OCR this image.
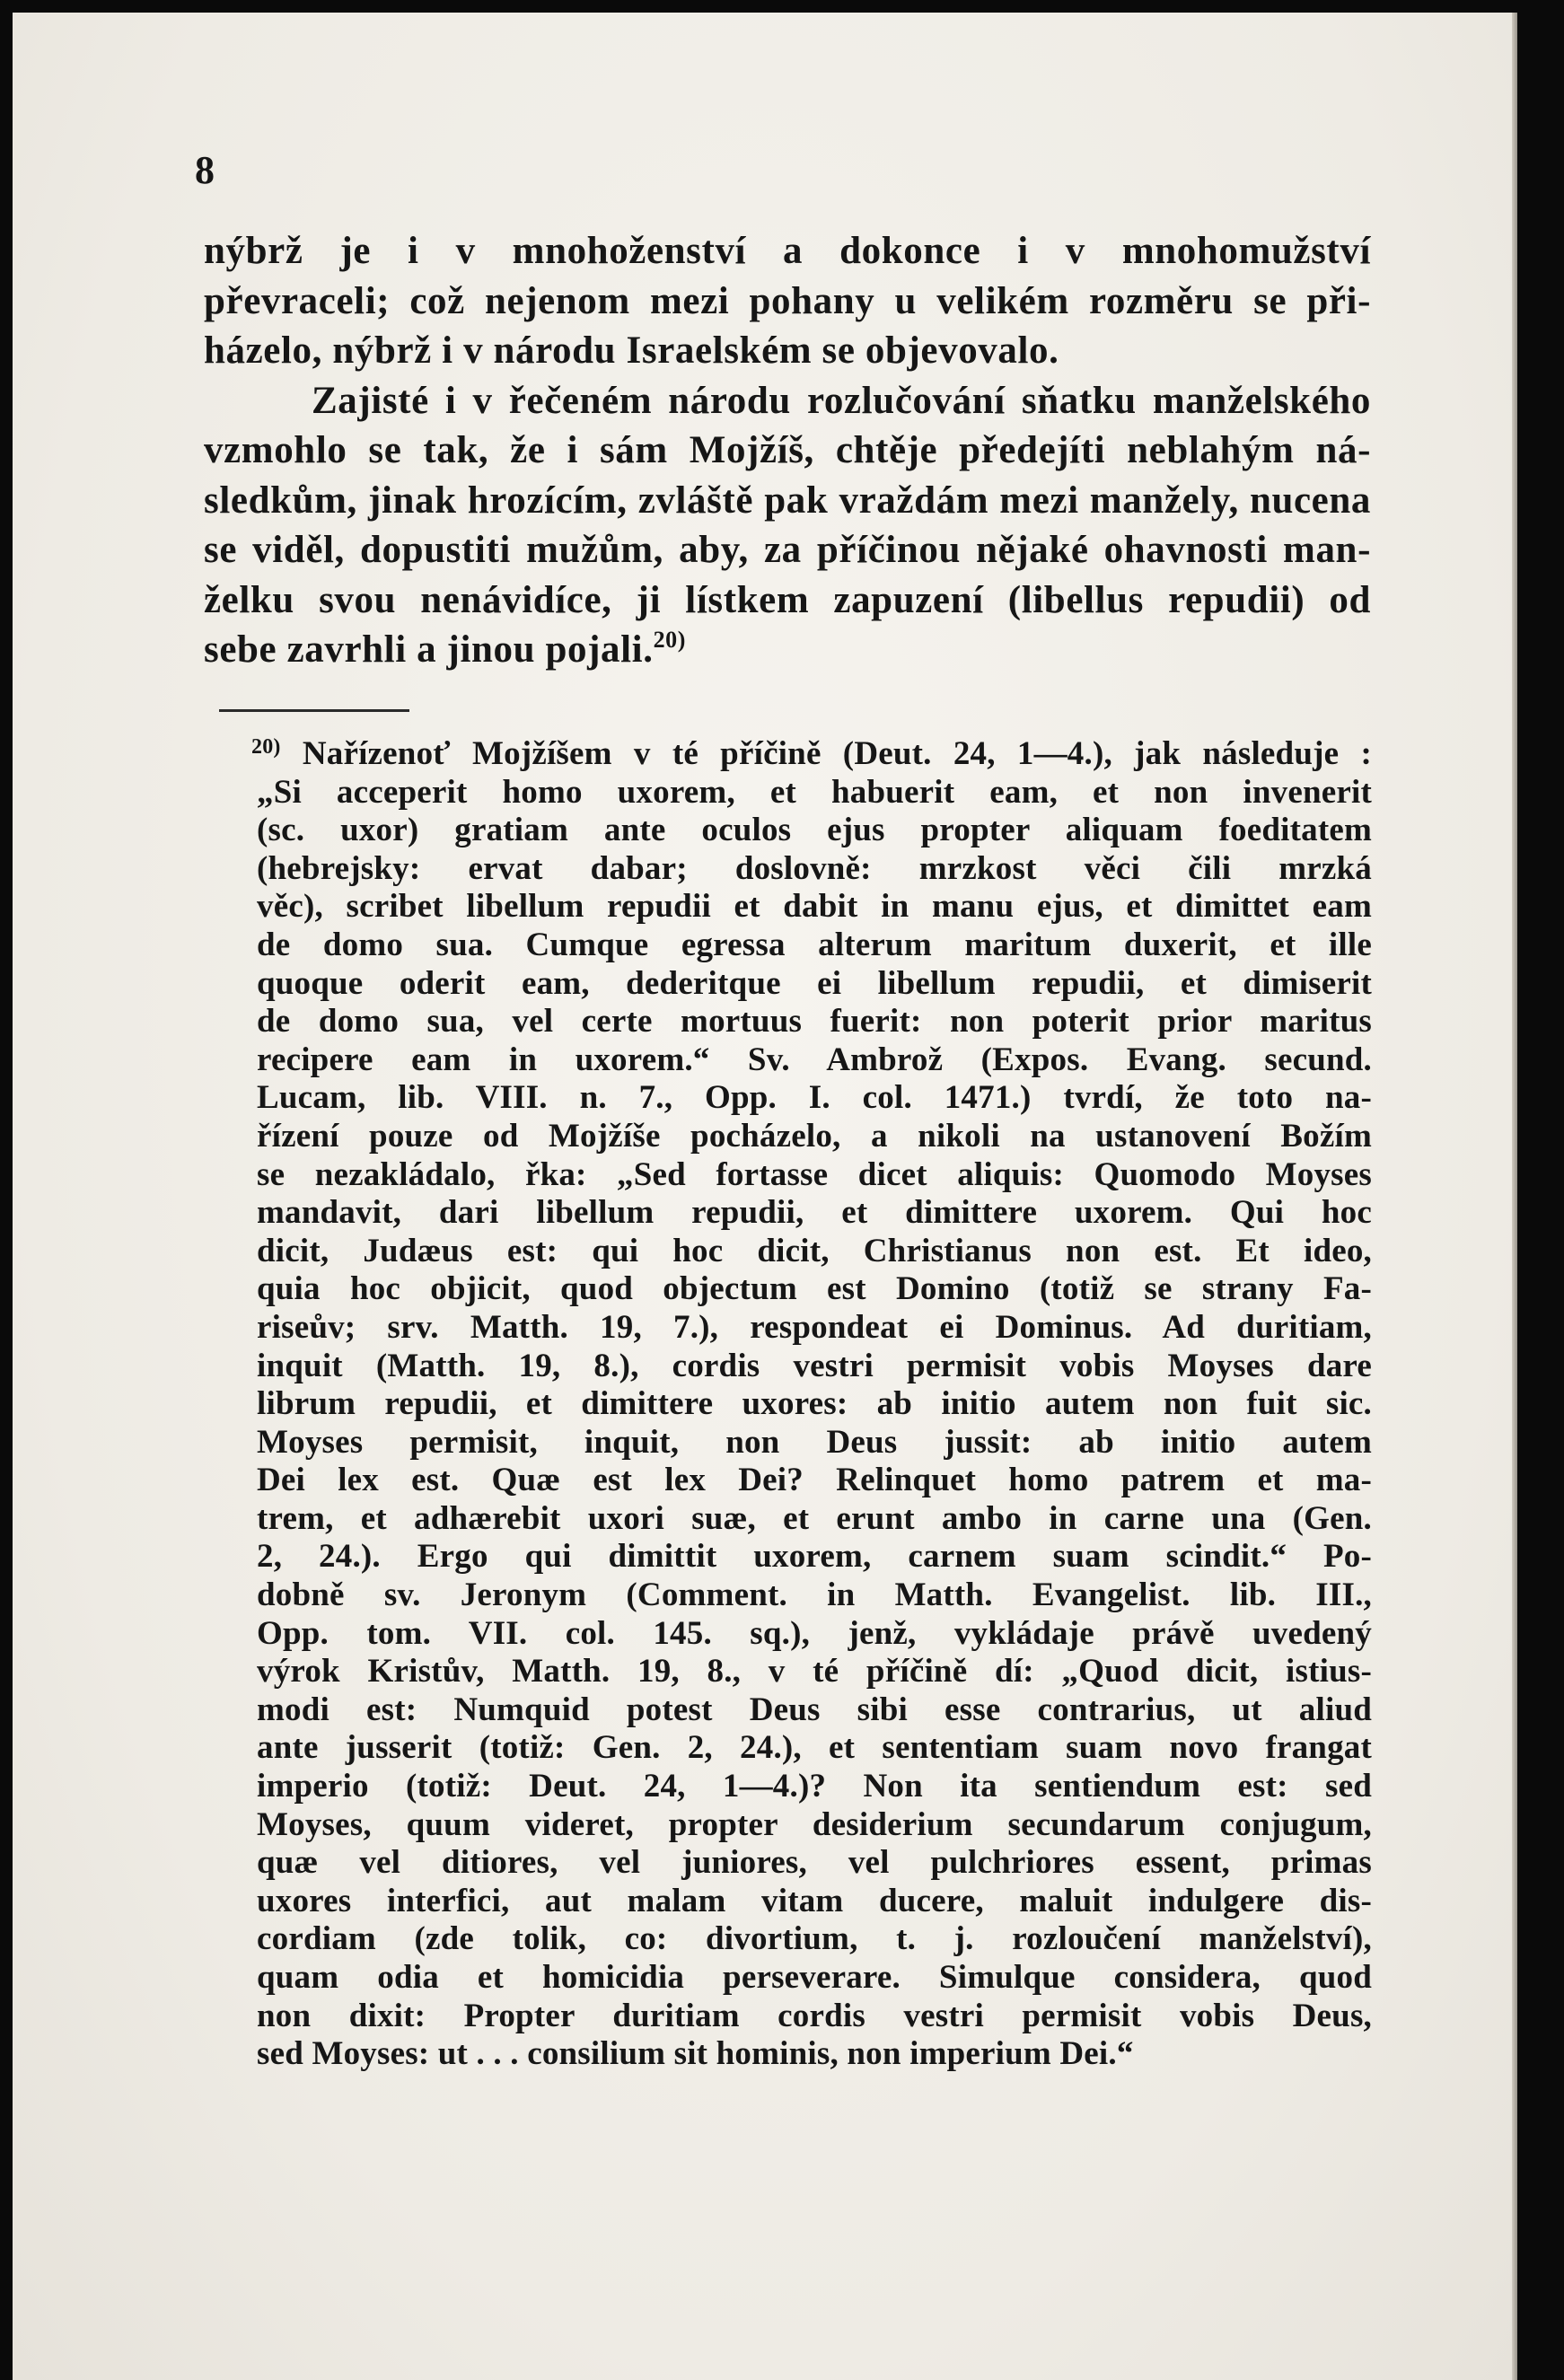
8
nýbrž je i v mnohoženství a dokonce i v mnohomužství
převraceli; což nejenom mezi pohany u velikém rozměru se při-
házelo, nýbrž i v národu Israelském se objevovalo.
Zajisté i v řečeném národu rozlučování sňatku manželského
vzmohlo se tak, že i sám Mojžíš, chtěje předejíti neblahým ná-
sledkům, jinak hrozícím, zvláště pak vraždám mezi manžely, nucena
se viděl, dopustiti mužům, aby, za příčinou nějaké ohavnosti man-
želku svou nenávidíce, ji lístkem zapuzení (libellus repudii) od
sebe zavrhli a jinou pojali.$^{20)}$
$^{20)}$ Nařízenoť Mojžíšem v té příčině (Deut. 24, 1—4.), jak následuje :
„Si acceperit homo uxorem, et habuerit eam, et non invenerit
(sc. uxor) gratiam ante oculos ejus propter aliquam foeditatem
(hebrejsky: ervat dabar; doslovně: mrzkost věci čili mrzká
věc), scribet libellum repudii et dabit in manu ejus, et dimittet eam
de domo sua. Cumque egressa alterum maritum duxerit, et ille
quoque oderit eam, dederitque ei libellum repudii, et dimiserit
de domo sua, vel certe mortuus fuerit: non poterit prior maritus
recipere eam in uxorem.“ Sv. Ambrož (Expos. Evang. secund.
Lucam, lib. VIII. n. 7., Opp. I. col. 1471.) tvrdí, že toto na-
řízení pouze od Mojžíše pocházelo, a nikoli na ustanovení Božím
se nezakládalo, řka: „Sed fortasse dicet aliquis: Quomodo Moyses
mandavit, dari libellum repudii, et dimittere uxorem. Qui hoc
dicit, Judæus est: qui hoc dicit, Christianus non est. Et ideo,
quia hoc objicit, quod objectum est Domino (totiž se strany Fa-
riseův; srv. Matth. 19, 7.), respondeat ei Dominus. Ad duritiam,
inquit (Matth. 19, 8.), cordis vestri permisit vobis Moyses dare
librum repudii, et dimittere uxores: ab initio autem non fuit sic.
Moyses permisit, inquit, non Deus jussit: ab initio autem
Dei lex est. Quæ est lex Dei? Relinquet homo patrem et ma-
trem, et adhærebit uxori suæ, et erunt ambo in carne una (Gen.
2, 24.). Ergo qui dimittit uxorem, carnem suam scindit.“ Po-
dobně sv. Jeronym (Comment. in Matth. Evangelist. lib. III.,
Opp. tom. VII. col. 145. sq.), jenž, vykládaje právě uvedený
výrok Kristův, Matth. 19, 8., v té příčině dí: „Quod dicit, istius-
modi est: Numquid potest Deus sibi esse contrarius, ut aliud
ante jusserit (totiž: Gen. 2, 24.), et sententiam suam novo frangat
imperio (totiž: Deut. 24, 1—4.)? Non ita sentiendum est: sed
Moyses, quum videret, propter desiderium secundarum conjugum,
quæ vel ditiores, vel juniores, vel pulchriores essent, primas
uxores interfici, aut malam vitam ducere, maluit indulgere dis-
cordiam (zde tolik, co: divortium, t. j. rozloučení manželství),
quam odia et homicidia perseverare. Simulque considera, quod
non dixit: Propter duritiam cordis vestri permisit vobis Deus,
sed Moyses: ut . . . consilium sit hominis, non imperium Dei.“
